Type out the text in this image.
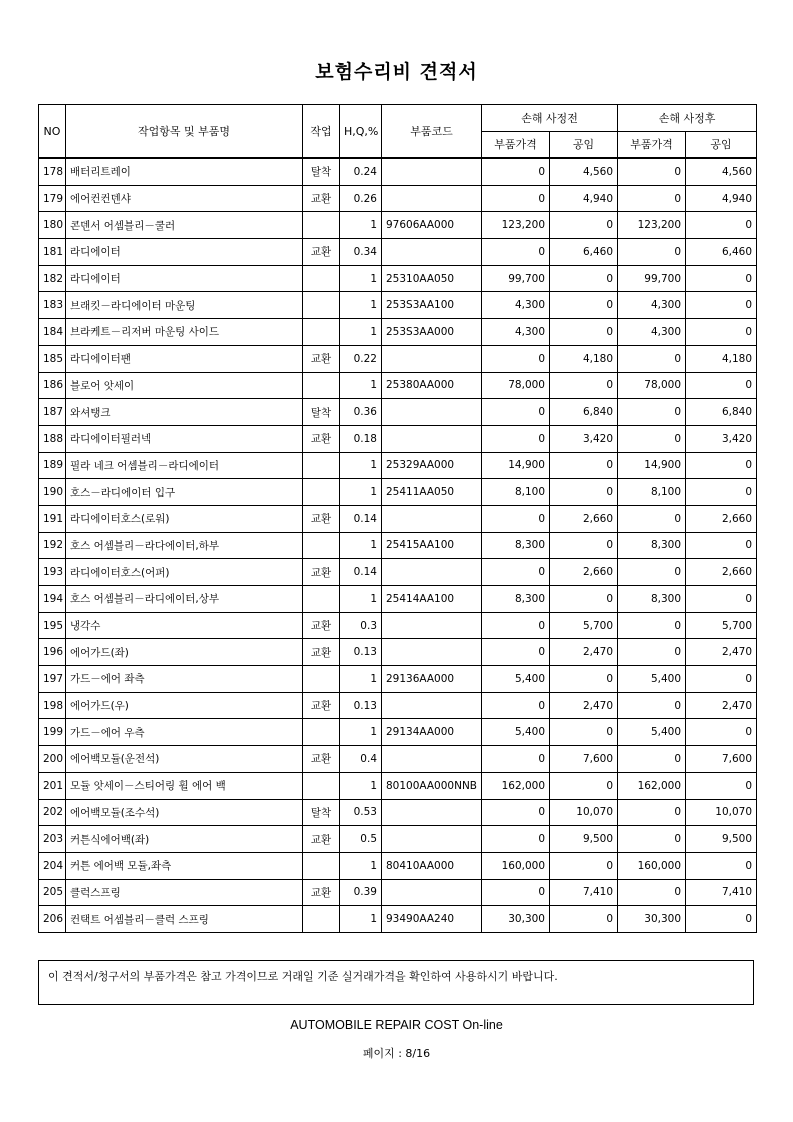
보험수리비 견적서
NO	작업항목 및 부품명	작업	H,Q,%	부품코드	손해 사정전		손해 사정후	
					부품가격	공임	부품가격	공임
178	배터리트레이	탈착	0.24		0	4,560	0	4,560
179	에어컨컨덴샤	교환	0.26		0	4,940	0	4,940
180	콘덴서 어셈블리－쿨러		1	97606AA000	123,200	0	123,200	0
181	라디에이터	교환	0.34		0	6,460	0	6,460
182	라디에이터		1	25310AA050	99,700	0	99,700	0
183	브래킷－라디에이터 마운팅		1	253S3AA100	4,300	0	4,300	0
184	브라케트－리저버 마운팅 사이드		1	253S3AA000	4,300	0	4,300	0
185	라디에이터팬	교환	0.22		0	4,180	0	4,180
186	블로어 앗세이		1	25380AA000	78,000	0	78,000	0
187	와셔탱크	탈착	0.36		0	6,840	0	6,840
188	라디에이터필러넥	교환	0.18		0	3,420	0	3,420
189	필라 네크 어셈블리－라디에이터		1	25329AA000	14,900	0	14,900	0
190	호스－라디에이터 입구		1	25411AA050	8,100	0	8,100	0
191	라디에이터호스(로워)	교환	0.14		0	2,660	0	2,660
192	호스 어셈블리－라다에이터,하부		1	25415AA100	8,300	0	8,300	0
193	라디에이터호스(어퍼)	교환	0.14		0	2,660	0	2,660
194	호스 어셈블리－라디에이터,상부		1	25414AA100	8,300	0	8,300	0
195	냉각수	교환	0.3		0	5,700	0	5,700
196	에어가드(좌)	교환	0.13		0	2,470	0	2,470
197	가드－에어 좌측		1	29136AA000	5,400	0	5,400	0
198	에어가드(우)	교환	0.13		0	2,470	0	2,470
199	가드－에어 우측		1	29134AA000	5,400	0	5,400	0
200	에어백모듈(운전석)	교환	0.4		0	7,600	0	7,600
201	모듈 앗세이－스티어링 휠 에어 백		1	80100AA000NNB	162,000	0	162,000	0
202	에어백모듈(조수석)	탈착	0.53		0	10,070	0	10,070
203	커튼식에어백(좌)	교환	0.5		0	9,500	0	9,500
204	커튼 에어백 모듈,좌측		1	80410AA000	160,000	0	160,000	0
205	클럭스프링	교환	0.39		0	7,410	0	7,410
206	컨택트 어셈블리－클럭 스프링		1	93490AA240	30,300	0	30,300	0
이 견적서/청구서의 부품가격은 참고 가격이므로 거래일 기준 실거래가격을 확인하여 사용하시기 바랍니다.
AUTOMOBILE REPAIR COST On-line
페이지 : 8/16
